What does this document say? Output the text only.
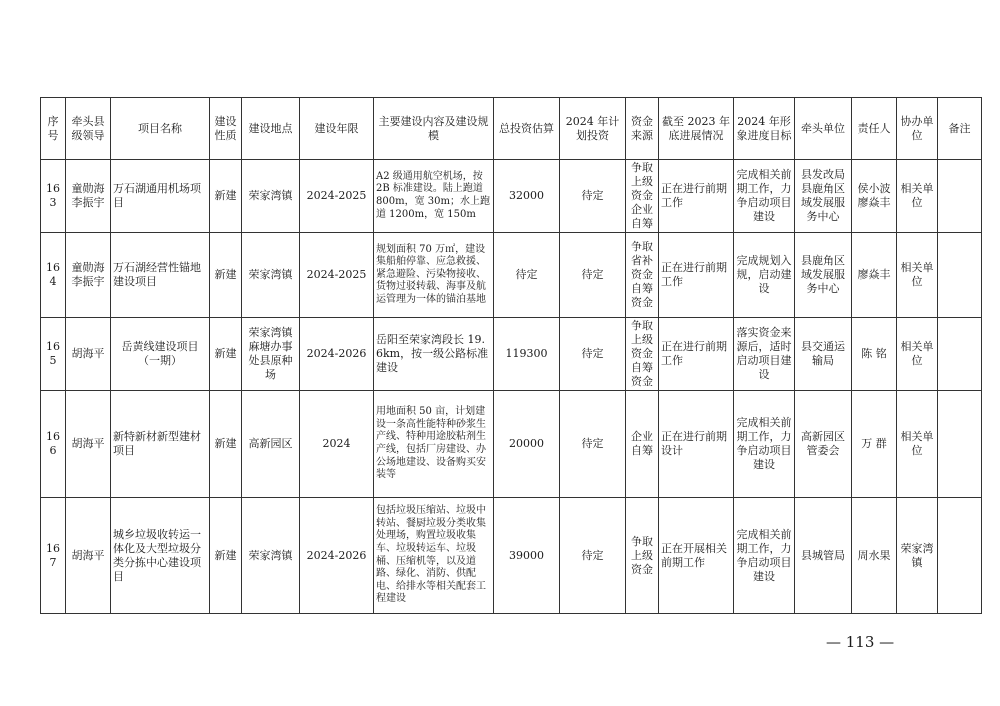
序号	牵头县级领导	项目名称	建设性质	建设地点	建设年限	主要建设内容及建设规模	总投资估算	2024 年计划投资	资金来源	截至 2023 年底进展情况	2024 年形象进度目标	牵头单位	责任人	协办单位	备注
163	童勋海李振宇	万石湖通用机场项目	新建	荣家湾镇	2024-2025	A2 级通用航空机场，按 2B 标准建设。陆上跑道 800m，宽 30m；水上跑道 1200m，宽 150m	32000	待定	争取上级资金企业自筹	正在进行前期工作	完成相关前期工作，力争启动项目建设	县发改局县鹿角区域发展服务中心	侯小波廖焱丰	相关单位	
164	童勋海李振宇	万石湖经营性锚地建设项目	新建	荣家湾镇	2024-2025	规划面积 70 万㎡，建设集船舶停靠、应急救援、紧急避险、污染物接收、货物过驳转载、海事及航运管理为一体的锚泊基地	待定	待定	争取省补资金自筹资金	正在进行前期工作	完成规划入规，启动建设	县鹿角区域发展服务中心	廖焱丰	相关单位	
165	胡海平	岳黄线建设项目（一期）	新建	荣家湾镇麻塘办事处县原种场	2024-2026	岳阳至荣家湾段长 19.6km，按一级公路标准建设	119300	待定	争取上级资金自筹资金	正在进行前期工作	落实资金来源后，适时启动项目建设	县交通运输局	陈 铭	相关单位	
166	胡海平	新特新材新型建材项目	新建	高新园区	2024	用地面积 50 亩，计划建设一条高性能特种砂浆生产线、特种用途胶粘剂生产线，包括厂房建设、办公场地建设、设备购买安装等	20000	待定	企业自筹	正在进行前期设计	完成相关前期工作，力争启动项目建设	高新园区管委会	万 群	相关单位	
167	胡海平	城乡垃圾收转运一体化及大型垃圾分类分拣中心建设项目	新建	荣家湾镇	2024-2026	包括垃圾压缩站、垃圾中转站、餐厨垃圾分类收集处理场，购置垃圾收集车、垃圾转运车、垃圾桶、压缩机等，以及道路、绿化、消防、供配电、给排水等相关配套工程建设	39000	待定	争取上级资金	正在开展相关前期工作	完成相关前期工作，力争启动项目建设	县城管局	周水果	荣家湾镇	
— 113 —
